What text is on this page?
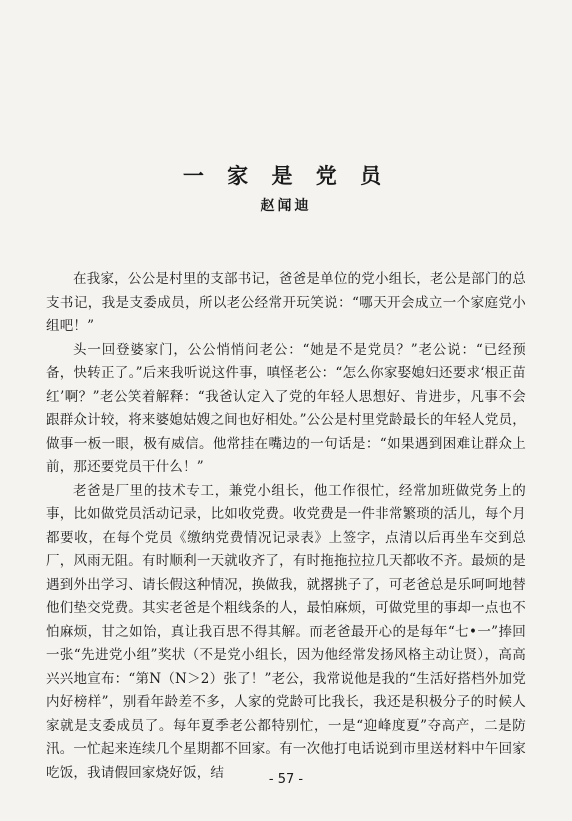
一 家 是 党 员
赵闻迪

在我家，公公是村里的支部书记，爸爸是单位的党小组长，老公是部门的总支书记，我是支委成员，所以老公经常开玩笑说：“哪天开会成立一个家庭党小组吧！”

头一回登婆家门，公公悄悄问老公：“她是不是党员？”老公说：“已经预备，快转正了。”后来我听说这件事，嗔怪老公：“怎么你家娶媳妇还要求‘根正苗红’啊？”老公笑着解释：“我爸认定入了党的年轻人思想好、肯进步，凡事不会跟群众计较，将来婆媳姑嫂之间也好相处。”公公是村里党龄最长的年轻人党员，做事一板一眼，极有威信。他常挂在嘴边的一句话是：“如果遇到困难让群众上前，那还要党员干什么！”

老爸是厂里的技术专工，兼党小组长，他工作很忙，经常加班做党务上的事，比如做党员活动记录，比如收党费。收党费是一件非常繁琐的活儿，每个月都要收，在每个党员《缴纳党费情况记录表》上签字，点清以后再坐车交到总厂，风雨无阻。有时顺利一天就收齐了，有时拖拖拉拉几天都收不齐。最烦的是遇到外出学习、请长假这种情况，换做我，就撂挑子了，可老爸总是乐呵呵地替他们垫交党费。其实老爸是个粗线条的人，最怕麻烦，可做党里的事却一点也不怕麻烦，甘之如饴，真让我百思不得其解。而老爸最开心的是每年“七•一”捧回一张“先进党小组”奖状（不是党小组长，因为他经常发扬风格主动让贤），高高兴兴地宣布：“第N（N＞2）张了！”老公，我常说他是我的“生活好搭档外加党内好榜样”，别看年龄差不多，人家的党龄可比我长，我还是积极分子的时候人家就是支委成员了。每年夏季老公都特别忙，一是“迎峰度夏”夺高产，二是防汛。一忙起来连续几个星期都不回家。有一次他打电话说到市里送材料中午回家吃饭，我请假回家烧好饭，结	- 57 -
